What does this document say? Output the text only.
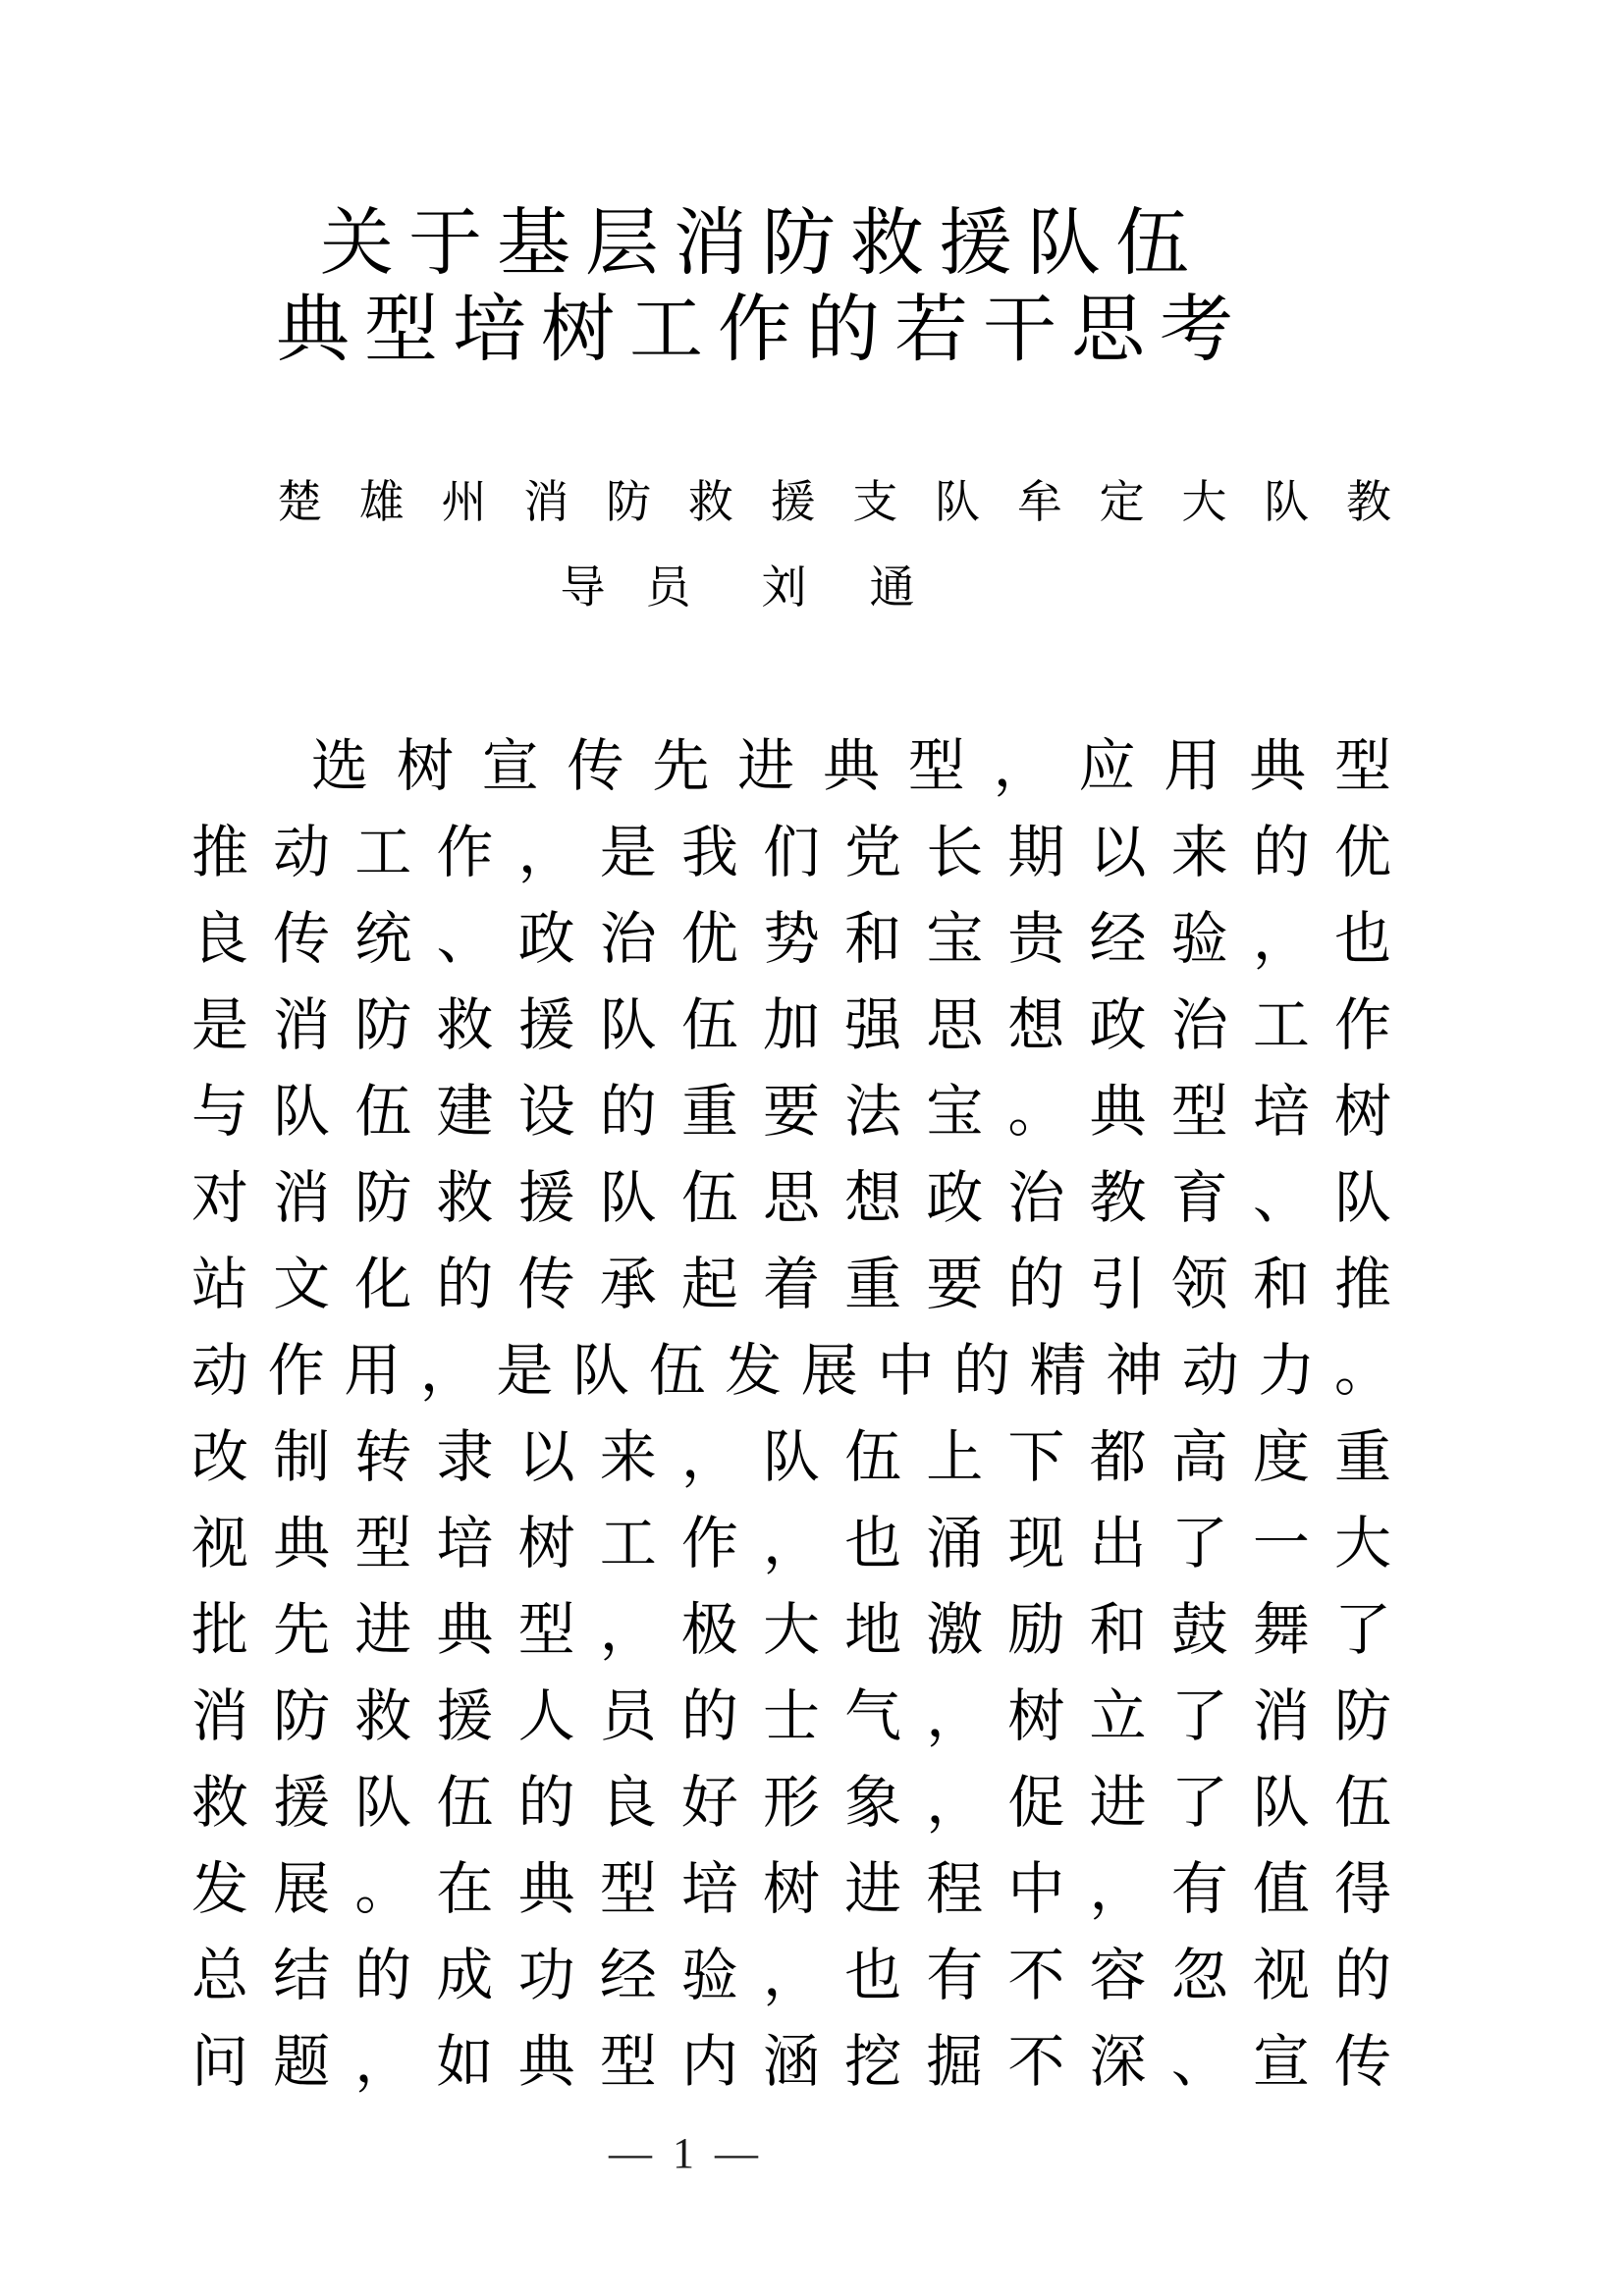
关于基层消防救援队伍
典型培树工作的若干思考
楚 雄 州 消 防 救 援 支 队 牟 定 大 队 教
导 员 刘 通
选 树 宣 传 先 进 典 型 ， 应 用 典 型
推 动 工 作 ， 是 我 们 党 长 期 以 来 的 优
良 传 统 、 政 治 优 势 和 宝 贵 经 验 ， 也
是 消 防 救 援 队 伍 加 强 思 想 政 治 工 作
与 队 伍 建 设 的 重 要 法 宝 。 典 型 培 树
对 消 防 救 援 队 伍 思 想 政 治 教 育 、 队
站 文 化 的 传 承 起 着 重 要 的 引 领 和 推
动 作 用 ， 是 队 伍 发 展 中 的 精 神 动 力 。
改 制 转 隶 以 来 ， 队 伍 上 下 都 高 度 重
视 典 型 培 树 工 作 ， 也 涌 现 出 了 一 大
批 先 进 典 型 ， 极 大 地 激 励 和 鼓 舞 了
消 防 救 援 人 员 的 士 气 ， 树 立 了 消 防
救 援 队 伍 的 良 好 形 象 ， 促 进 了 队 伍
发 展 。 在 典 型 培 树 进 程 中 ， 有 值 得
总 结 的 成 功 经 验 ， 也 有 不 容 忽 视 的
问 题 ， 如 典 型 内 涵 挖 掘 不 深 、 宣 传
— 1 —
